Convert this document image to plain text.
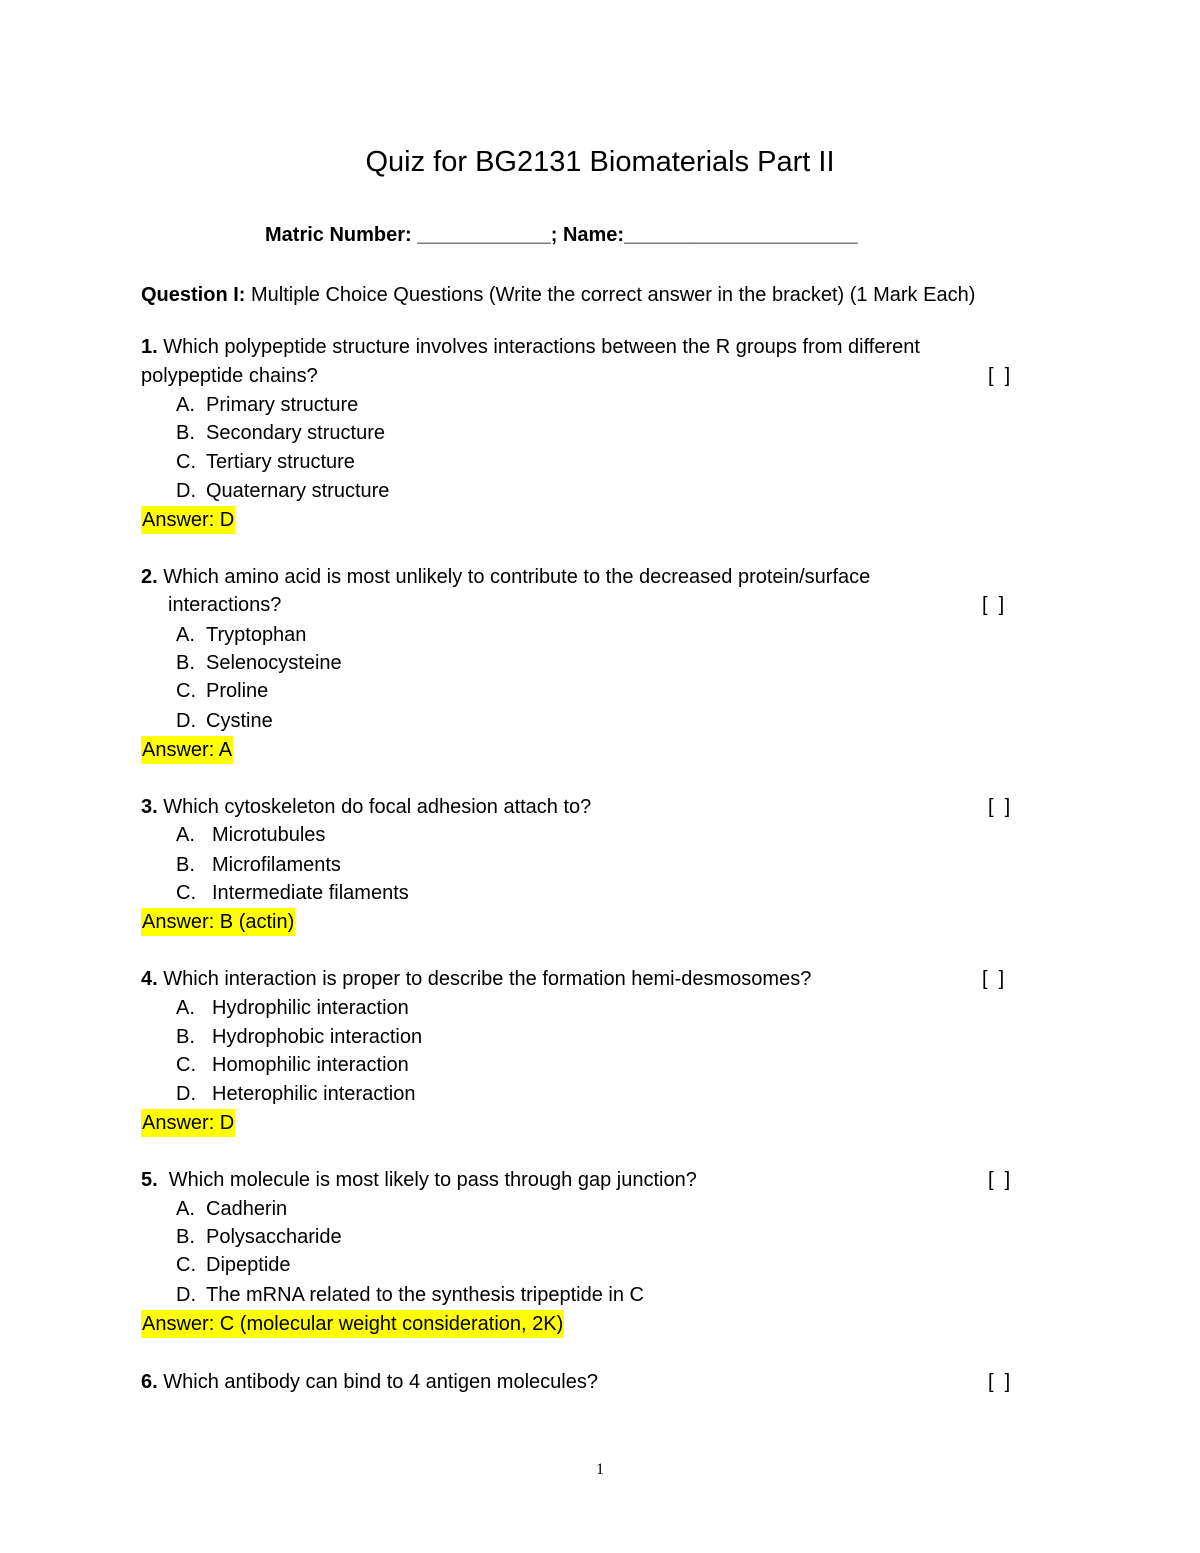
Quiz for BG2131 Biomaterials Part II
Matric Number: ____________; Name:_____________________
Question I: Multiple Choice Questions (Write the correct answer in the bracket) (1 Mark Each)
1. Which polypeptide structure involves interactions between the R groups from different
polypeptide chains?	[  ]
A. Primary structure
B. Secondary structure
C. Tertiary structure
D. Quaternary structure
Answer: D
2. Which amino acid is most unlikely to contribute to the decreased protein/surface
interactions?	[  ]
A. Tryptophan
B. Selenocysteine
C. Proline
D. Cystine
Answer: A
3. Which cytoskeleton do focal adhesion attach to?	[  ]
A. Microtubules
B. Microfilaments
C. Intermediate filaments
Answer: B (actin)
4. Which interaction is proper to describe the formation hemi-desmosomes?	[  ]
A. Hydrophilic interaction
B. Hydrophobic interaction
C. Homophilic interaction
D. Heterophilic interaction
Answer: D
5.  Which molecule is most likely to pass through gap junction?	[  ]
A. Cadherin
B. Polysaccharide
C. Dipeptide
D. The mRNA related to the synthesis tripeptide in C
Answer: C (molecular weight consideration, 2K)
6. Which antibody can bind to 4 antigen molecules?	[  ]
1
